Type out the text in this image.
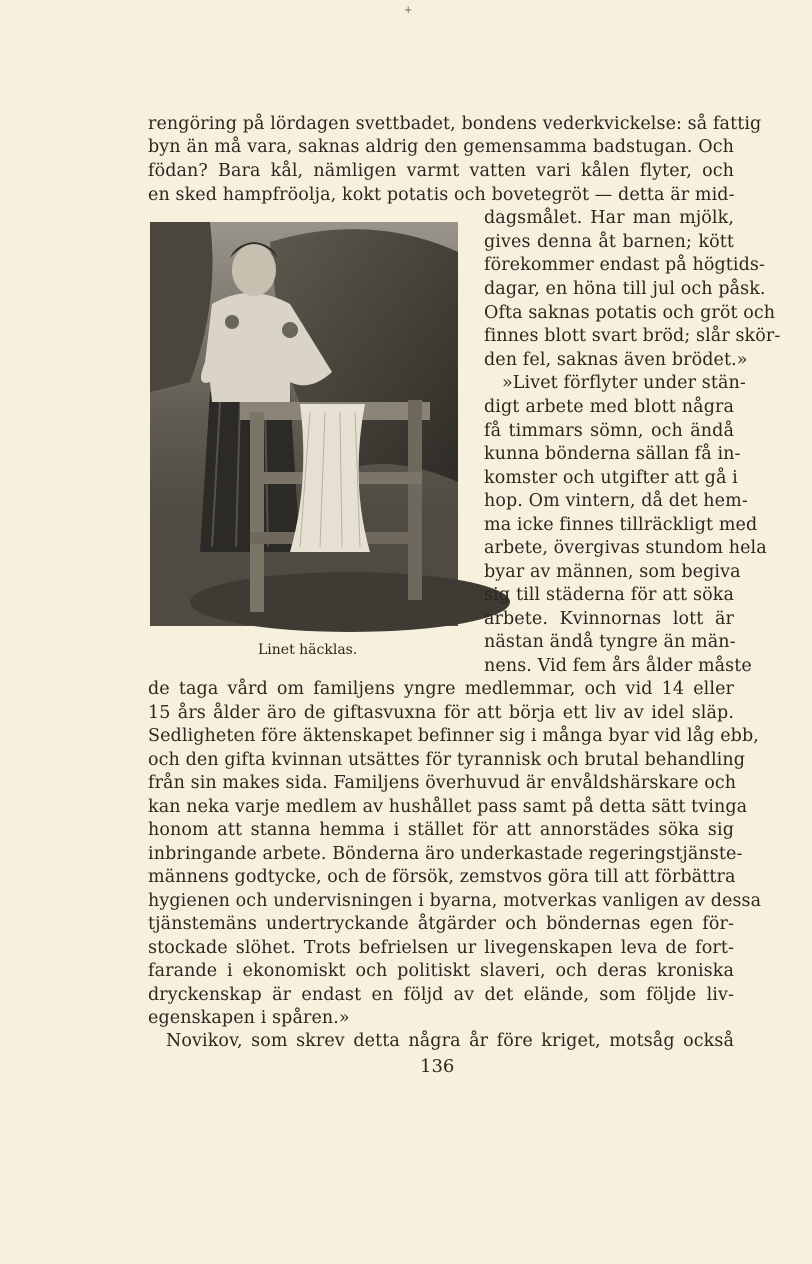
+
rengöring på lördagen svettbadet, bondens vederkvickelse: så fattig
byn än må vara, saknas aldrig den gemensamma badstugan. Och
födan? Bara kål, nämligen varmt vatten vari kålen flyter, och
en sked hampfröolja, kokt potatis och bovetegröt — detta är mid-
Linet häcklas.
dagsmålet. Har man mjölk,
gives denna åt barnen; kött
förekommer endast på högtids-
dagar, en höna till jul och påsk.
Ofta saknas potatis och gröt och
finnes blott svart bröd; slår skör-
den fel, saknas även brödet.»
»Livet förflyter under stän-
digt arbete med blott några
få timmars sömn, och ändå
kunna bönderna sällan få in-
komster och utgifter att gå i
hop. Om vintern, då det hem-
ma icke finnes tillräckligt med
arbete, övergivas stundom hela
byar av männen, som begiva
sig till städerna för att söka
arbete. Kvinnornas lott är
nästan ändå tyngre än män-
nens. Vid fem års ålder måste
de taga vård om familjens yngre medlemmar, och vid 14 eller
15 års ålder äro de giftasvuxna för att börja ett liv av idel släp.
Sedligheten före äktenskapet befinner sig i många byar vid låg ebb,
och den gifta kvinnan utsättes för tyrannisk och brutal behandling
från sin makes sida. Familjens överhuvud är envåldshärskare och
kan neka varje medlem av hushållet pass samt på detta sätt tvinga
honom att stanna hemma i stället för att annorstädes söka sig
inbringande arbete. Bönderna äro underkastade regeringstjänste-
männens godtycke, och de försök, zemstvos göra till att förbättra
hygienen och undervisningen i byarna, motverkas vanligen av dessa
tjänstemäns undertryckande åtgärder och böndernas egen för-
stockade slöhet. Trots befrielsen ur livegenskapen leva de fort-
farande i ekonomiskt och politiskt slaveri, och deras kroniska
dryckenskap är endast en följd av det elände, som följde liv-
egenskapen i spåren.»
Novikov, som skrev detta några år före kriget, motsåg också
136
